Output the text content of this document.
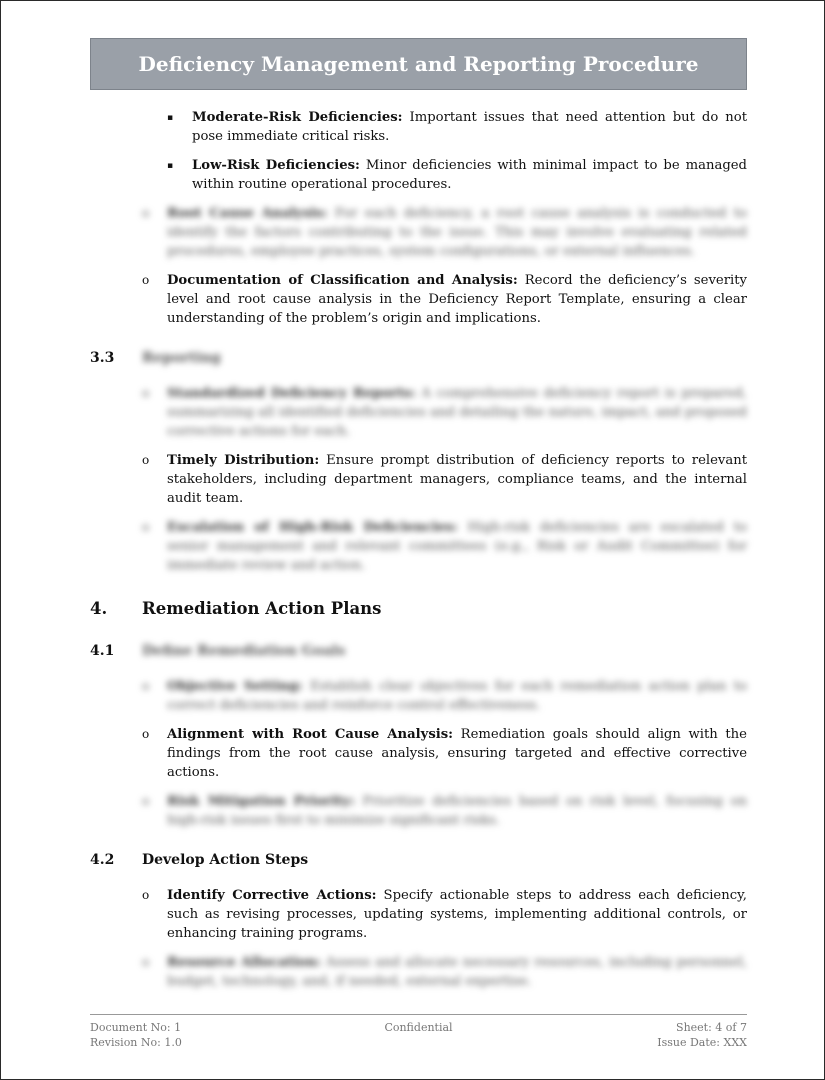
Deficiency Management and Reporting Procedure
▪	Moderate-Risk Deficiencies: Important issues that need attention but do not pose immediate critical risks.
▪	Low-Risk Deficiencies: Minor deficiencies with minimal impact to be managed within routine operational procedures.
o Root Cause Analysis: For each deficiency, a root cause analysis is conducted to identify the factors contributing to the issue. This may involve evaluating related procedures, employee practices, system configurations, or external influences.
o Documentation of Classification and Analysis: Record the deficiency’s severity level and root cause analysis in the Deficiency Report Template, ensuring a clear understanding of the problem’s origin and implications.
3.3 Reporting
o Standardized Deficiency Reports: A comprehensive deficiency report is prepared, summarizing all identified deficiencies and detailing the nature, impact, and proposed corrective actions for each.
o Timely Distribution: Ensure prompt distribution of deficiency reports to relevant stakeholders, including department managers, compliance teams, and the internal audit team.
o Escalation of High-Risk Deficiencies: High-risk deficiencies are escalated to senior management and relevant committees (e.g., Risk or Audit Committee) for immediate review and action.
4. Remediation Action Plans
4.1 Define Remediation Goals
o Objective Setting: Establish clear objectives for each remediation action plan to correct deficiencies and reinforce control effectiveness.
o Alignment with Root Cause Analysis: Remediation goals should align with the findings from the root cause analysis, ensuring targeted and effective corrective actions.
o Risk Mitigation Priority: Prioritize deficiencies based on risk level, focusing on high-risk issues first to minimize significant risks.
4.2 Develop Action Steps
o Identify Corrective Actions: Specify actionable steps to address each deficiency, such as revising processes, updating systems, implementing additional controls, or enhancing training programs.
o Resource Allocation: Assess and allocate necessary resources, including personnel, budget, technology, and, if needed, external expertise.
Document No: 1	Confidential	Sheet: 4 of 7
Revision No: 1.0	Issue Date: XXX
